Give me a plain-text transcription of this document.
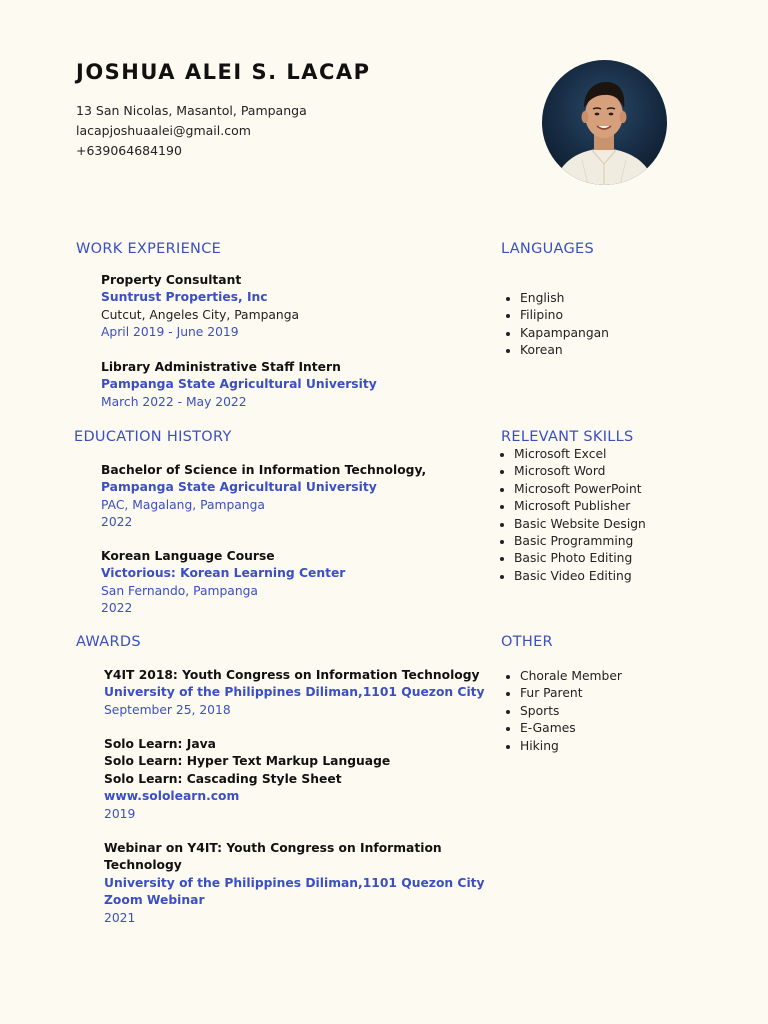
JOSHUA ALEI S. LACAP
13 San Nicolas, Masantol, Pampanga
lacapjoshuaalei@gmail.com
+639064684190
WORK EXPERIENCE
Property Consultant
Suntrust Properties, Inc
Cutcut, Angeles City, Pampanga
April 2019 - June 2019
Library Administrative Staff Intern
Pampanga State Agricultural University
March 2022 - May 2022
EDUCATION HISTORY
Bachelor of Science in Information Technology,
Pampanga State Agricultural University
PAC, Magalang, Pampanga
2022
Korean Language Course
Victorious: Korean Learning Center
San Fernando, Pampanga
2022
AWARDS
Y4IT 2018: Youth Congress on Information Technology
University of the Philippines Diliman,1101 Quezon City
September 25, 2018
Solo Learn: Java
Solo Learn: Hyper Text Markup Language
Solo Learn: Cascading Style Sheet
www.sololearn.com
2019
Webinar on Y4IT: Youth Congress on Information
Technology
University of the Philippines Diliman,1101 Quezon City
Zoom Webinar
2021
LANGUAGES
English
Filipino
Kapampangan
Korean
RELEVANT SKILLS
Microsoft Excel
Microsoft Word
Microsoft PowerPoint
Microsoft Publisher
Basic Website Design
Basic Programming
Basic Photo Editing
Basic Video Editing
OTHER
Chorale Member
Fur Parent
Sports
E-Games
Hiking
